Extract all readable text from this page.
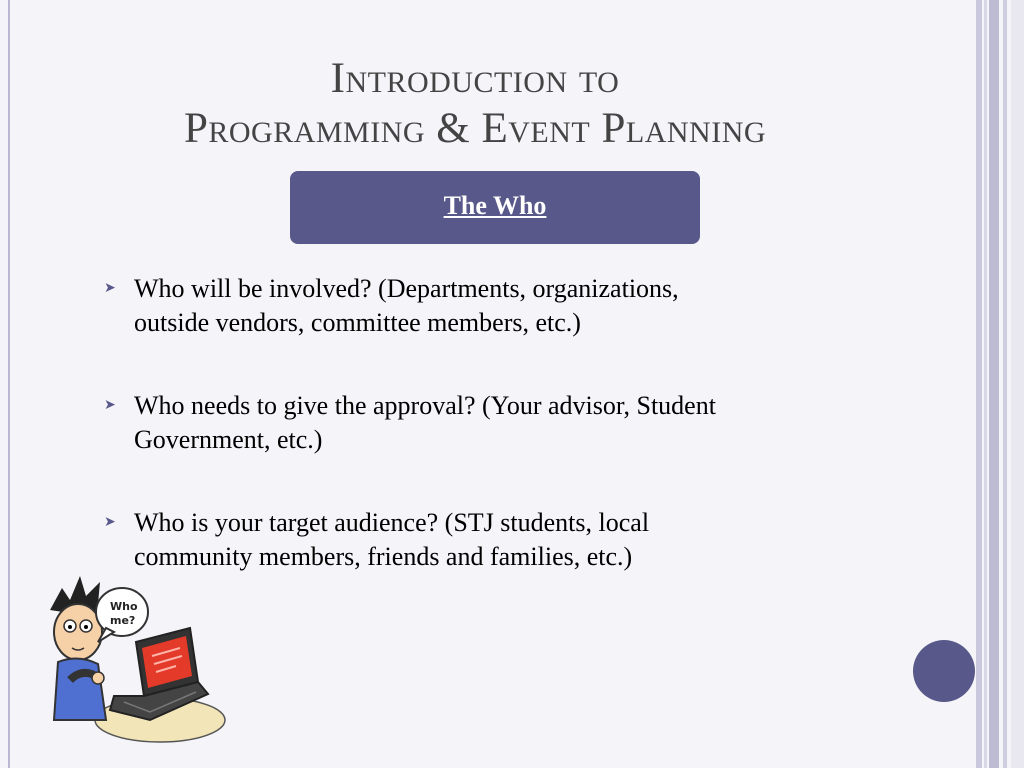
Introduction to
Programming & Event Planning
The Who
➤ Who will be involved? (Departments, organizations,
outside vendors, committee members, etc.)
➤ Who needs to give the approval? (Your advisor, Student
Government, etc.)
➤ Who is your target audience? (STJ students, local
community members, friends and families, etc.)
Who
me?
